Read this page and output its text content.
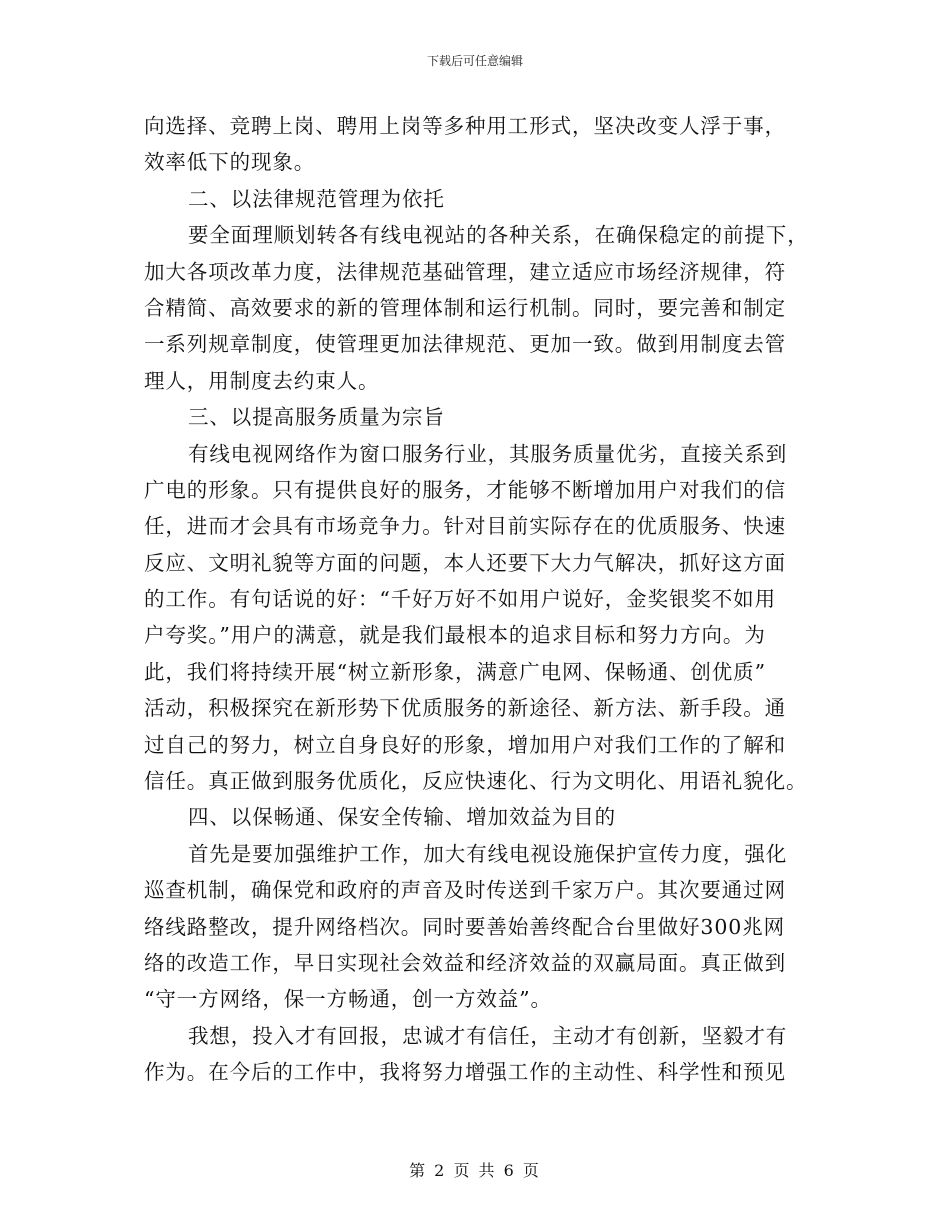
下载后可任意编辑
向选择、竞聘上岗、聘用上岗等多种用工形式，坚决改变人浮于事，
效率低下的现象。
二、以法律规范管理为依托
要全面理顺划转各有线电视站的各种关系，在确保稳定的前提下，
加大各项改革力度，法律规范基础管理，建立适应市场经济规律，符
合精简、高效要求的新的管理体制和运行机制。同时，要完善和制定
一系列规章制度，使管理更加法律规范、更加一致。做到用制度去管
理人，用制度去约束人。
三、以提高服务质量为宗旨
有线电视网络作为窗口服务行业，其服务质量优劣，直接关系到
广电的形象。只有提供良好的服务，才能够不断增加用户对我们的信
任，进而才会具有市场竞争力。针对目前实际存在的优质服务、快速
反应、文明礼貌等方面的问题，本人还要下大力气解决，抓好这方面
的工作。有句话说的好：“千好万好不如用户说好，金奖银奖不如用
户夸奖。”用户的满意，就是我们最根本的追求目标和努力方向。为
此，我们将持续开展“树立新形象，满意广电网、保畅通、创优质”
活动，积极探究在新形势下优质服务的新途径、新方法、新手段。通
过自己的努力，树立自身良好的形象，增加用户对我们工作的了解和
信任。真正做到服务优质化，反应快速化、行为文明化、用语礼貌化。
四、以保畅通、保安全传输、增加效益为目的
首先是要加强维护工作，加大有线电视设施保护宣传力度，强化
巡查机制，确保党和政府的声音及时传送到千家万户。其次要通过网
络线路整改，提升网络档次。同时要善始善终配合台里做好300兆网
络的改造工作，早日实现社会效益和经济效益的双赢局面。真正做到
“守一方网络，保一方畅通，创一方效益”。
我想，投入才有回报，忠诚才有信任，主动才有创新，坚毅才有
作为。在今后的工作中，我将努力增强工作的主动性、科学性和预见
第 2 页 共 6 页
